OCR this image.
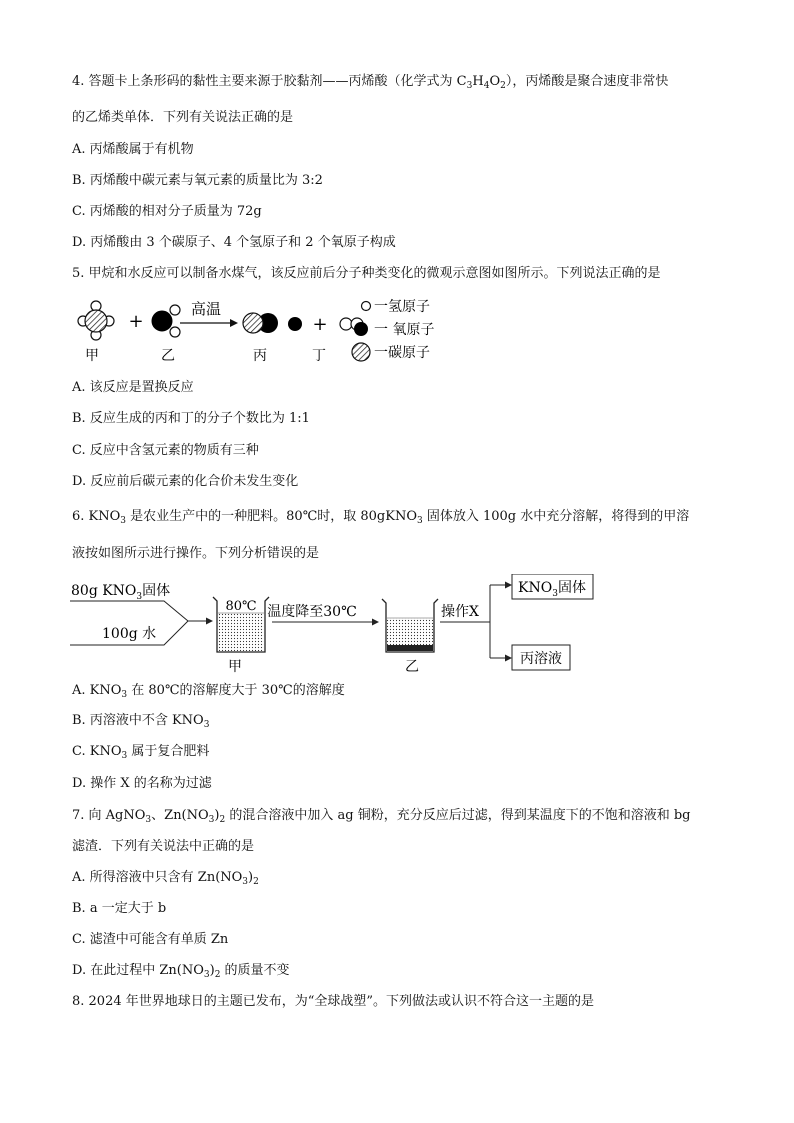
4. 答题卡上条形码的黏性主要来源于胶黏剂——丙烯酸（化学式为 $C_3H_4O_2$），丙烯酸是聚合速度非常快
的乙烯类单体．下列有关说法正确的是
A. 丙烯酸属于有机物
B. 丙烯酸中碳元素与氧元素的质量比为 3:2
C. 丙烯酸的相对分子质量为 72g
D. 丙烯酸由 3 个碳原子、4 个氢原子和 2 个氧原子构成
5. 甲烷和水反应可以制备水煤气，该反应前后分子种类变化的微观示意图如图所示。下列说法正确的是
+
高温
+
甲	乙	丙	丁
一氢原子
一 氧原子
一碳原子
A. 该反应是置换反应
B. 反应生成的丙和丁的分子个数比为 1:1
C. 反应中含氢元素的物质有三种
D. 反应前后碳元素的化合价未发生变化
6. $KNO_3$ 是农业生产中的一种肥料。80℃时，取 80gKNO$_3$ 固体放入 100g 水中充分溶解，将得到的甲溶
液按如图所示进行操作。下列分析错误的是
80g $KNO_3$固体
100g 水
80℃
甲
温度降至30℃
乙
操作X
$KNO_3$固体
丙溶液
A. $KNO_3$ 在 80℃的溶解度大于 30℃的溶解度
B. 丙溶液中不含 $KNO_3$
C. $KNO_3$ 属于复合肥料
D. 操作 X 的名称为过滤
7. 向 AgNO$_3$、$Zn(NO_3)_2$ 的混合溶液中加入 ag 铜粉，充分反应后过滤，得到某温度下的不饱和溶液和 bg
滤渣．下列有关说法中正确的是
A. 所得溶液中只含有 $Zn(NO_3)_2$
B. a 一定大于 b
C. 滤渣中可能含有单质 Zn
D. 在此过程中 $Zn(NO_3)_2$ 的质量不变
8. 2024 年世界地球日的主题已发布，为“全球战塑”。下列做法或认识不符合这一主题的是
